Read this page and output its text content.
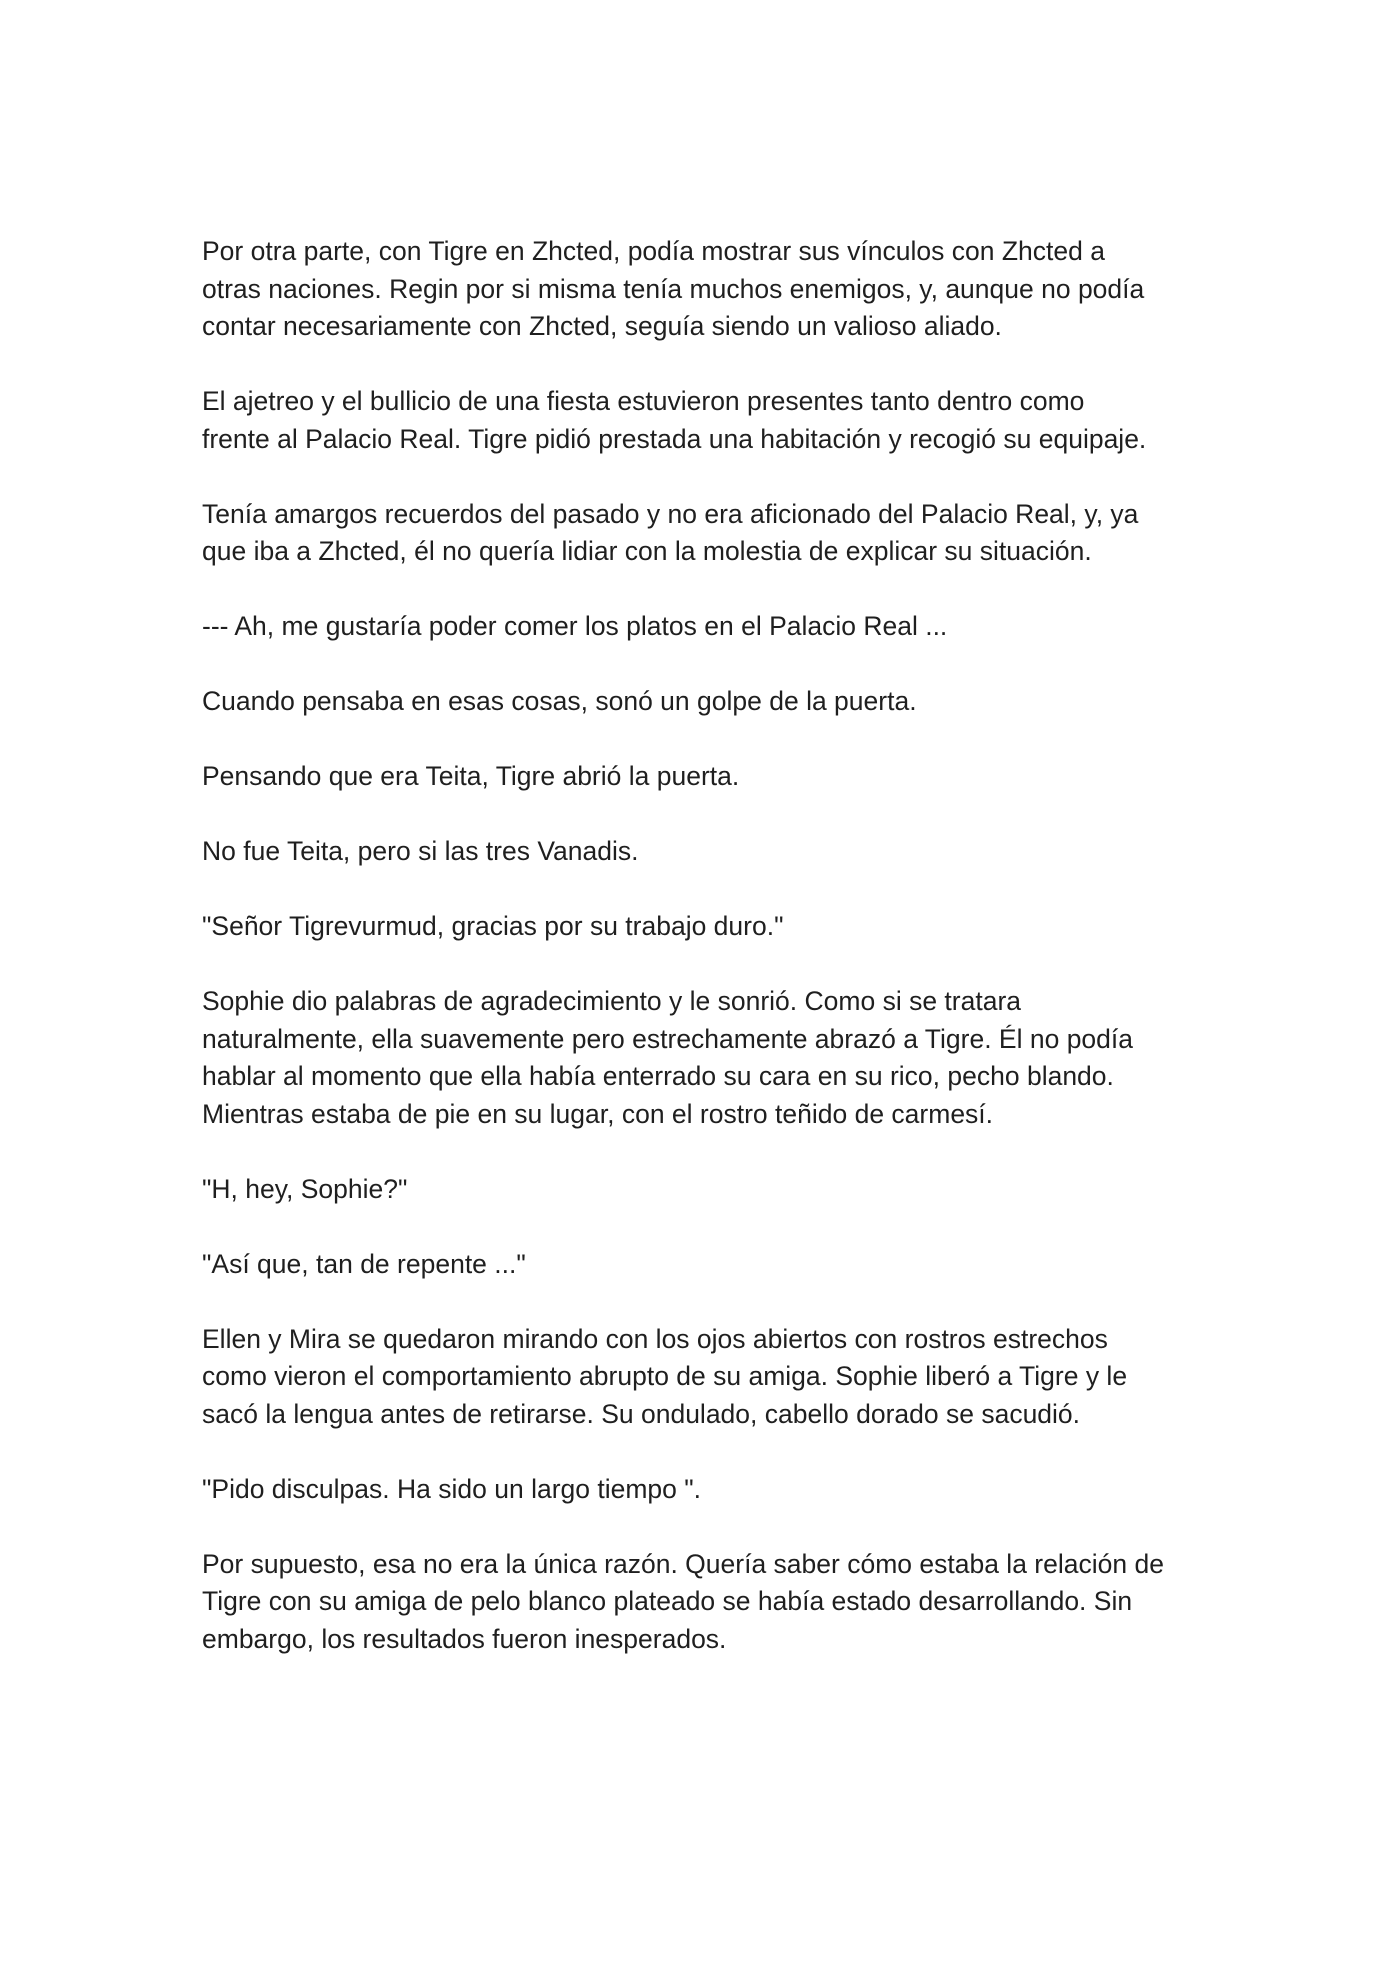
Por otra parte, con Tigre en Zhcted, podía mostrar sus vínculos con Zhcted a
otras naciones. Regin por si misma tenía muchos enemigos, y, aunque no podía
contar necesariamente con Zhcted, seguía siendo un valioso aliado.

El ajetreo y el bullicio de una fiesta estuvieron presentes tanto dentro como
frente al Palacio Real. Tigre pidió prestada una habitación y recogió su equipaje.

Tenía amargos recuerdos del pasado y no era aficionado del Palacio Real, y, ya
que iba a Zhcted, él no quería lidiar con la molestia de explicar su situación.

--- Ah, me gustaría poder comer los platos en el Palacio Real ...

Cuando pensaba en esas cosas, sonó un golpe de la puerta.

Pensando que era Teita, Tigre abrió la puerta.

No fue Teita, pero si las tres Vanadis.

"Señor Tigrevurmud, gracias por su trabajo duro."

Sophie dio palabras de agradecimiento y le sonrió. Como si se tratara
naturalmente, ella suavemente pero estrechamente abrazó a Tigre. Él no podía
hablar al momento que ella había enterrado su cara en su rico, pecho blando.
Mientras estaba de pie en su lugar, con el rostro teñido de carmesí.

"H, hey, Sophie?"

"Así que, tan de repente ..."

Ellen y Mira se quedaron mirando con los ojos abiertos con rostros estrechos
como vieron el comportamiento abrupto de su amiga. Sophie liberó a Tigre y le
sacó la lengua antes de retirarse. Su ondulado, cabello dorado se sacudió.

"Pido disculpas. Ha sido un largo tiempo ".

Por supuesto, esa no era la única razón. Quería saber cómo estaba la relación de
Tigre con su amiga de pelo blanco plateado se había estado desarrollando. Sin
embargo, los resultados fueron inesperados.
